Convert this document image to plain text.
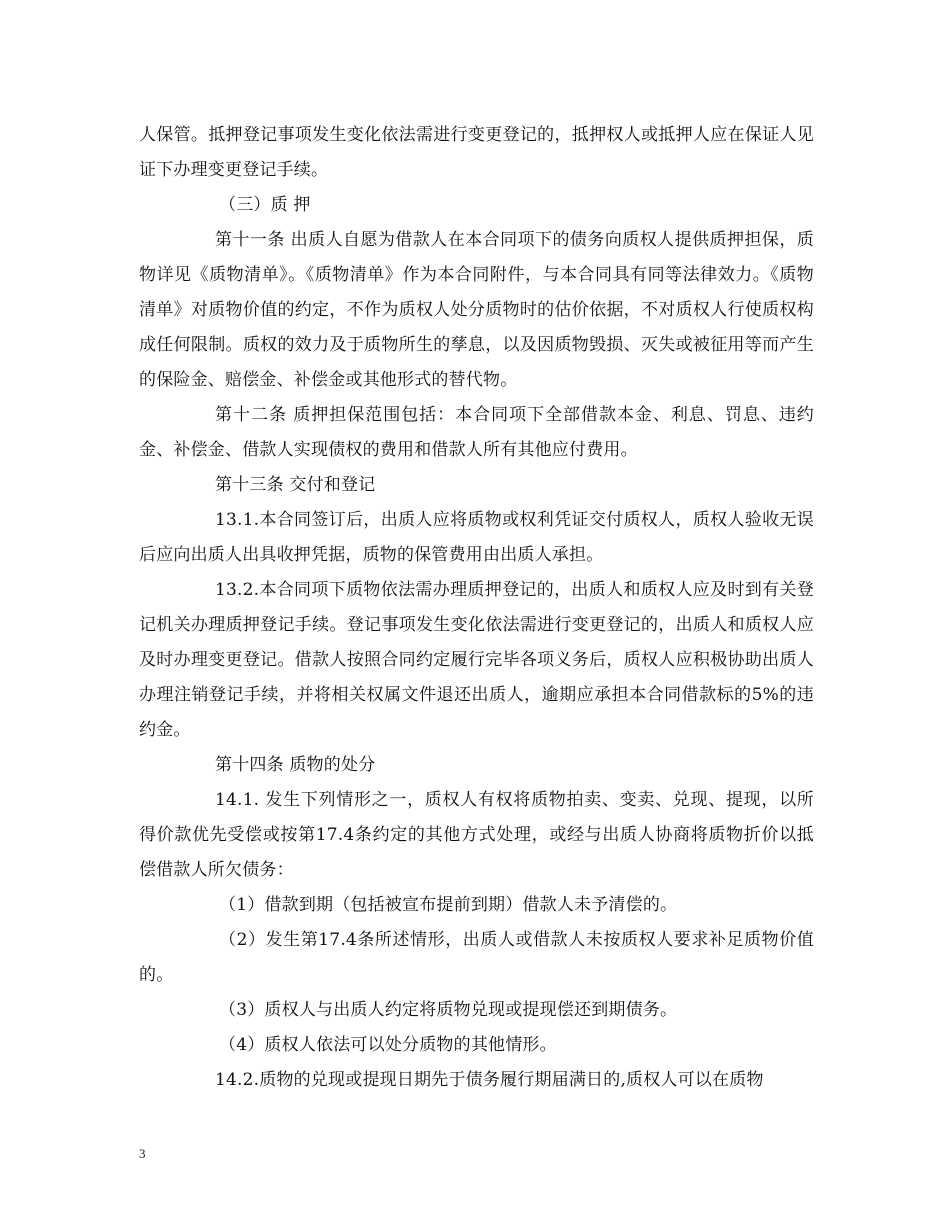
人保管。抵押登记事项发生变化依法需进行变更登记的，抵押权人或抵押人应在保证人见证下办理变更登记手续。

（三）质 押

第十一条 出质人自愿为借款人在本合同项下的债务向质权人提供质押担保，质物详见《质物清单》。《质物清单》作为本合同附件，与本合同具有同等法律效力。《质物清单》对质物价值的约定，不作为质权人处分质物时的估价依据，不对质权人行使质权构成任何限制。质权的效力及于质物所生的孳息，以及因质物毁损、灭失或被征用等而产生的保险金、赔偿金、补偿金或其他形式的替代物。

第十二条 质押担保范围包括：本合同项下全部借款本金、利息、罚息、违约金、补偿金、借款人实现债权的费用和借款人所有其他应付费用。

第十三条 交付和登记

13.1.本合同签订后，出质人应将质物或权利凭证交付质权人，质权人验收无误后应向出质人出具收押凭据，质物的保管费用由出质人承担。

13.2.本合同项下质物依法需办理质押登记的，出质人和质权人应及时到有关登记机关办理质押登记手续。登记事项发生变化依法需进行变更登记的，出质人和质权人应及时办理变更登记。借款人按照合同约定履行完毕各项义务后，质权人应积极协助出质人办理注销登记手续，并将相关权属文件退还出质人，逾期应承担本合同借款标的5%的违约金。

第十四条 质物的处分

14.1. 发生下列情形之一，质权人有权将质物拍卖、变卖、兑现、提现，以所得价款优先受偿或按第17.4条约定的其他方式处理，或经与出质人协商将质物折价以抵偿借款人所欠债务：

（1）借款到期（包括被宣布提前到期）借款人未予清偿的。

（2）发生第17.4条所述情形，出质人或借款人未按质权人要求补足质物价值的。

（3）质权人与出质人约定将质物兑现或提现偿还到期债务。

（4）质权人依法可以处分质物的其他情形。

14.2.质物的兑现或提现日期先于债务履行期届满日的,质权人可以在质物

3
